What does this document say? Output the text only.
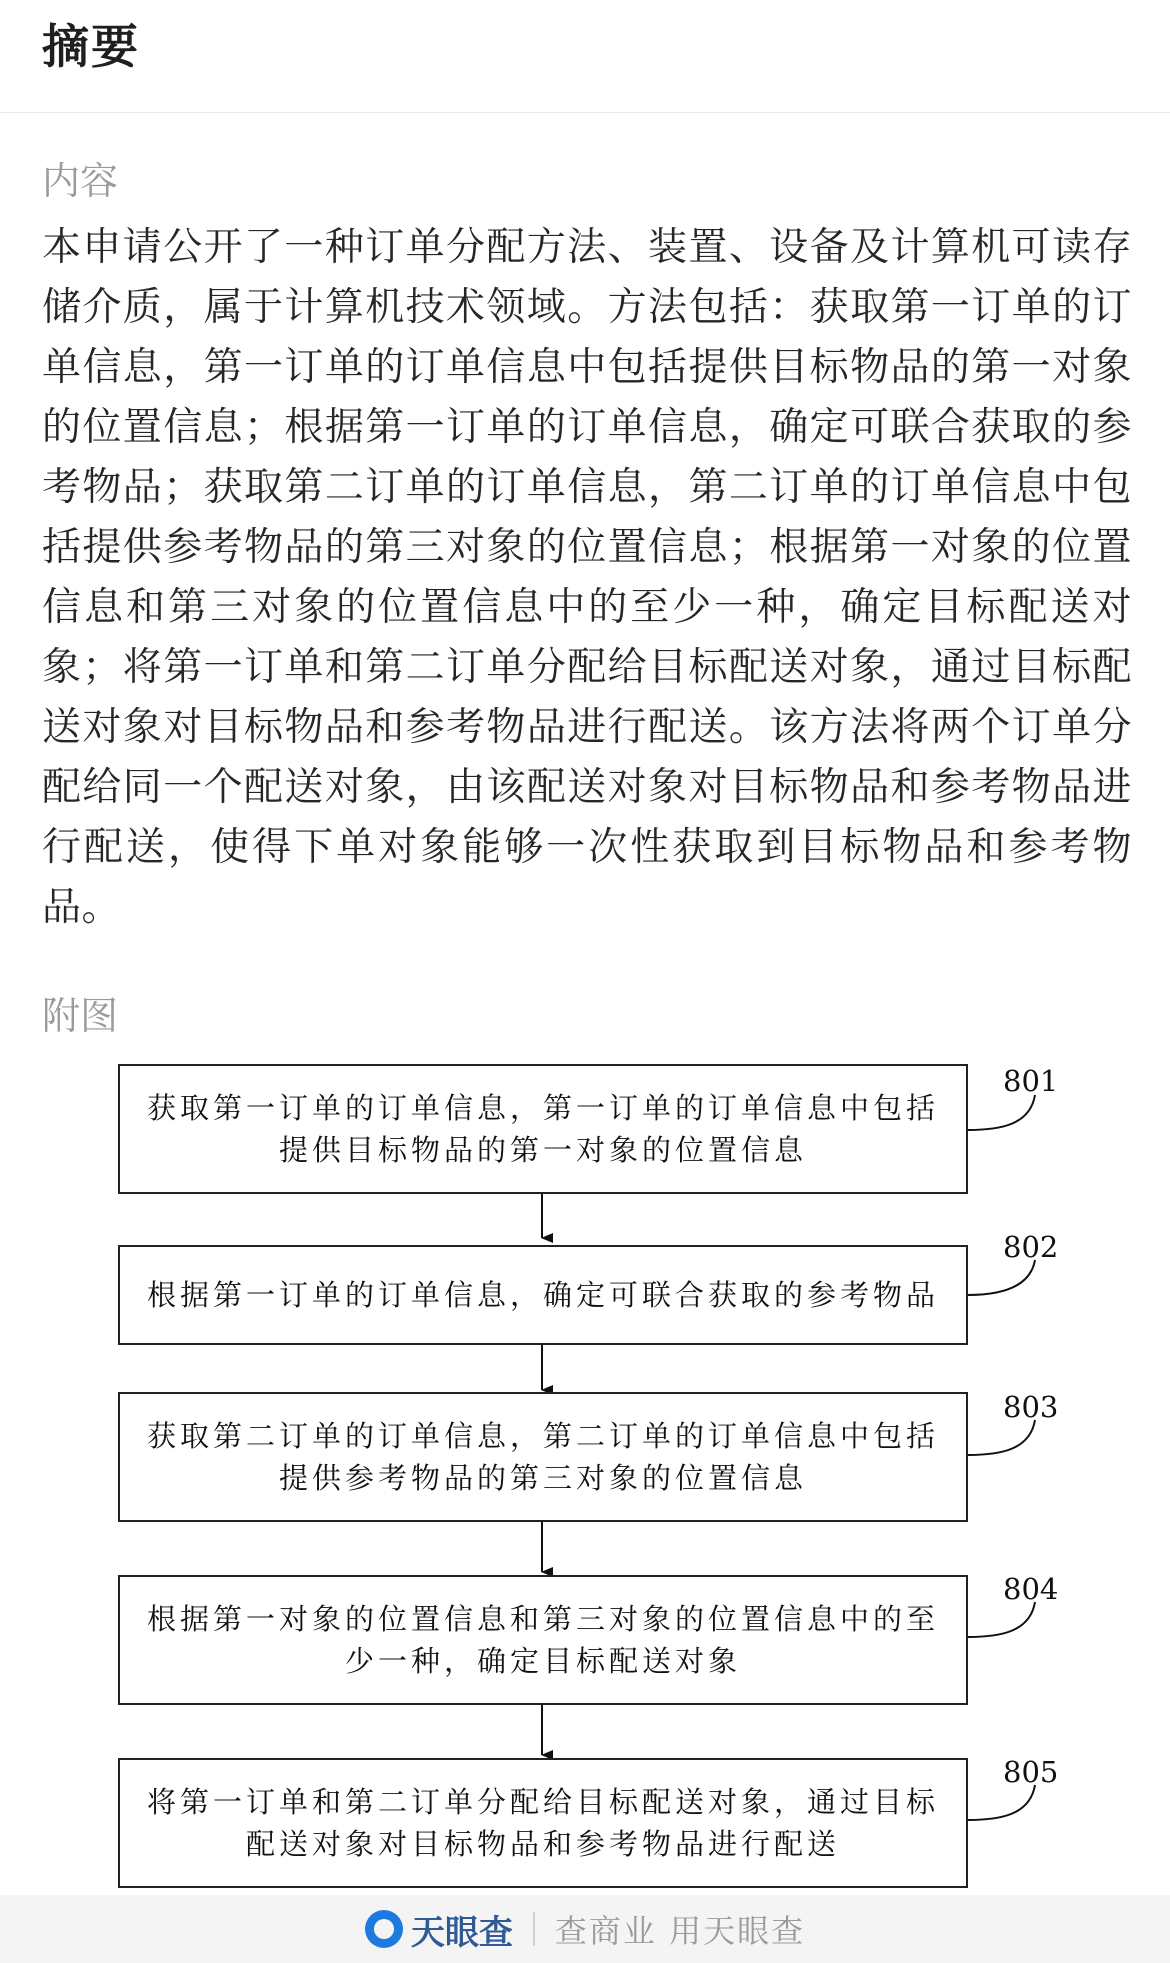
摘要
内容
本申请公开了一种订单分配方法、装置、设备及计算机可读存储介质，属于计算机技术领域。方法包括：获取第一订单的订单信息，第一订单的订单信息中包括提供目标物品的第一对象的位置信息；根据第一订单的订单信息，确定可联合获取的参考物品；获取第二订单的订单信息，第二订单的订单信息中包括提供参考物品的第三对象的位置信息；根据第一对象的位置信息和第三对象的位置信息中的至少一种，确定目标配送对象；将第一订单和第二订单分配给目标配送对象，通过目标配送对象对目标物品和参考物品进行配送。该方法将两个订单分配给同一个配送对象，由该配送对象对目标物品和参考物品进行配送，使得下单对象能够一次性获取到目标物品和参考物品。
附图
获取第一订单的订单信息，第一订单的订单信息中包括提供目标物品的第一对象的位置信息
801
根据第一订单的订单信息，确定可联合获取的参考物品
802
获取第二订单的订单信息，第二订单的订单信息中包括提供参考物品的第三对象的位置信息
803
根据第一对象的位置信息和第三对象的位置信息中的至少一种，确定目标配送对象
804
将第一订单和第二订单分配给目标配送对象，通过目标配送对象对目标物品和参考物品进行配送
805
天眼查 查商业 用天眼查
